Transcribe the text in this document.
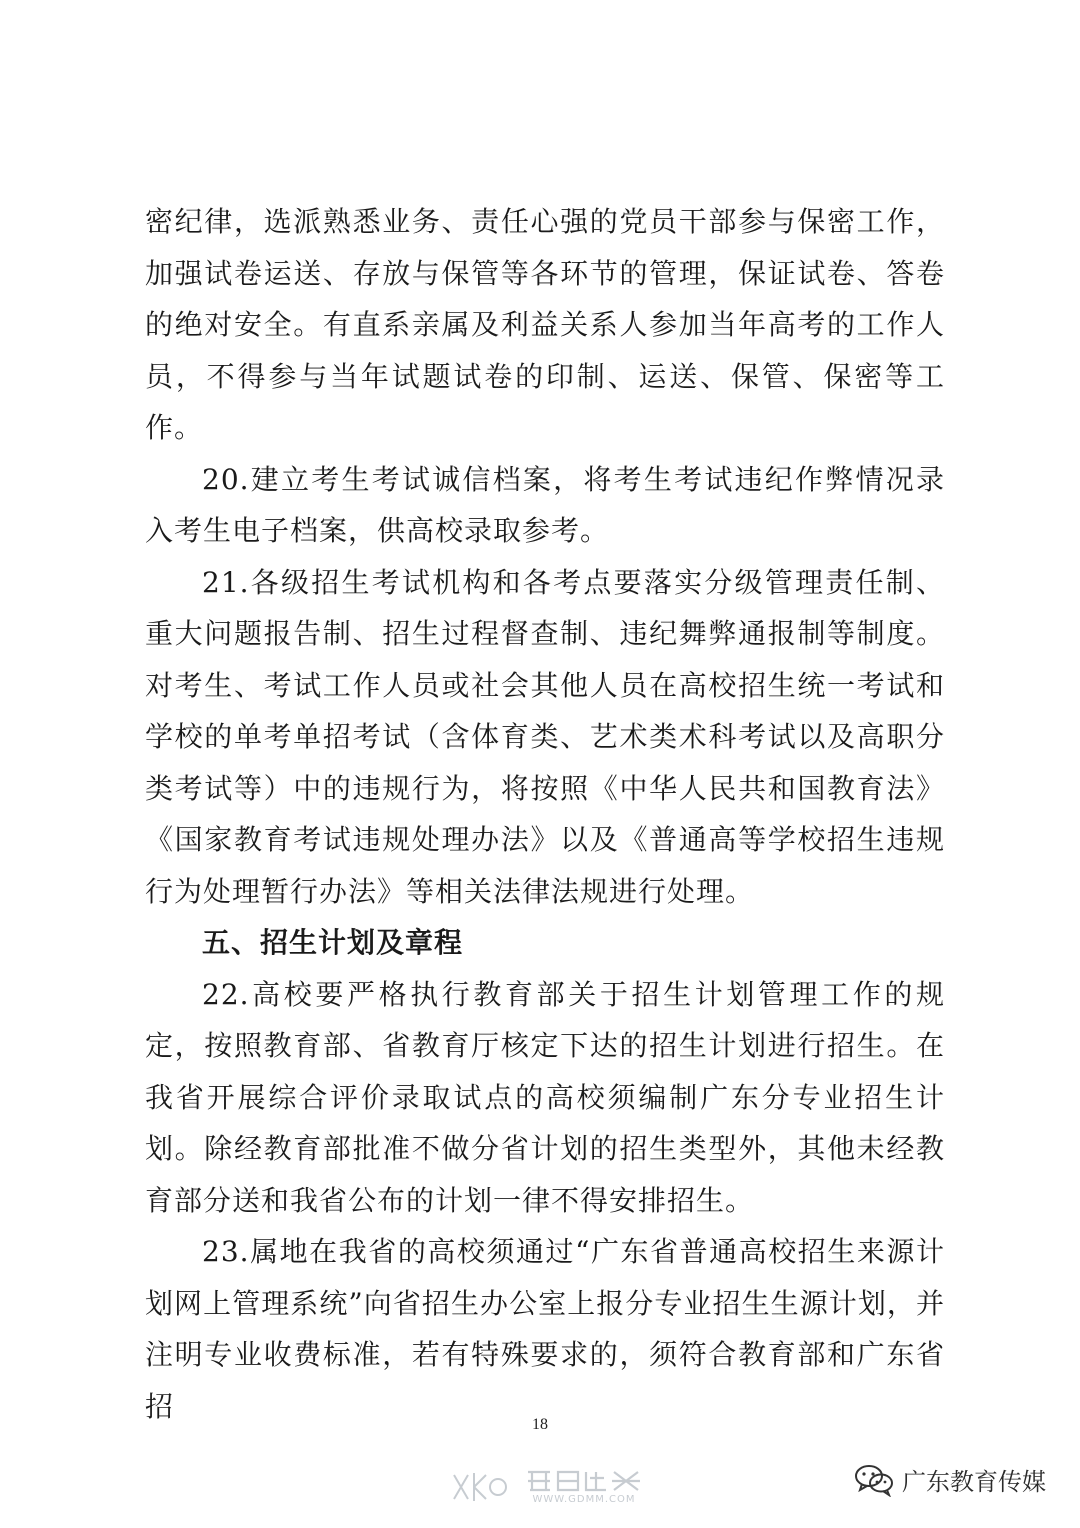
密纪律，选派熟悉业务、责任心强的党员干部参与保密工作，加强试卷运送、存放与保管等各环节的管理，保证试卷、答卷的绝对安全。有直系亲属及利益关系人参加当年高考的工作人员，不得参与当年试题试卷的印制、运送、保管、保密等工作。

20.建立考生考试诚信档案，将考生考试违纪作弊情况录入考生电子档案，供高校录取参考。

21.各级招生考试机构和各考点要落实分级管理责任制、重大问题报告制、招生过程督查制、违纪舞弊通报制等制度。对考生、考试工作人员或社会其他人员在高校招生统一考试和学校的单考单招考试（含体育类、艺术类术科考试以及高职分类考试等）中的违规行为，将按照《中华人民共和国教育法》《国家教育考试违规处理办法》以及《普通高等学校招生违规行为处理暂行办法》等相关法律法规进行处理。

五、招生计划及章程

22.高校要严格执行教育部关于招生计划管理工作的规定，按照教育部、省教育厅核定下达的招生计划进行招生。在我省开展综合评价录取试点的高校须编制广东分专业招生计划。除经教育部批准不做分省计划的招生类型外，其他未经教育部分送和我省公布的计划一律不得安排招生。

23.属地在我省的高校须通过“广东省普通高校招生来源计划网上管理系统”向省招生办公室上报分专业招生生源计划，并注明专业收费标准，若有特殊要求的，须符合教育部和广东省招

18
WWW.GDMM.COM
广东教育传媒
